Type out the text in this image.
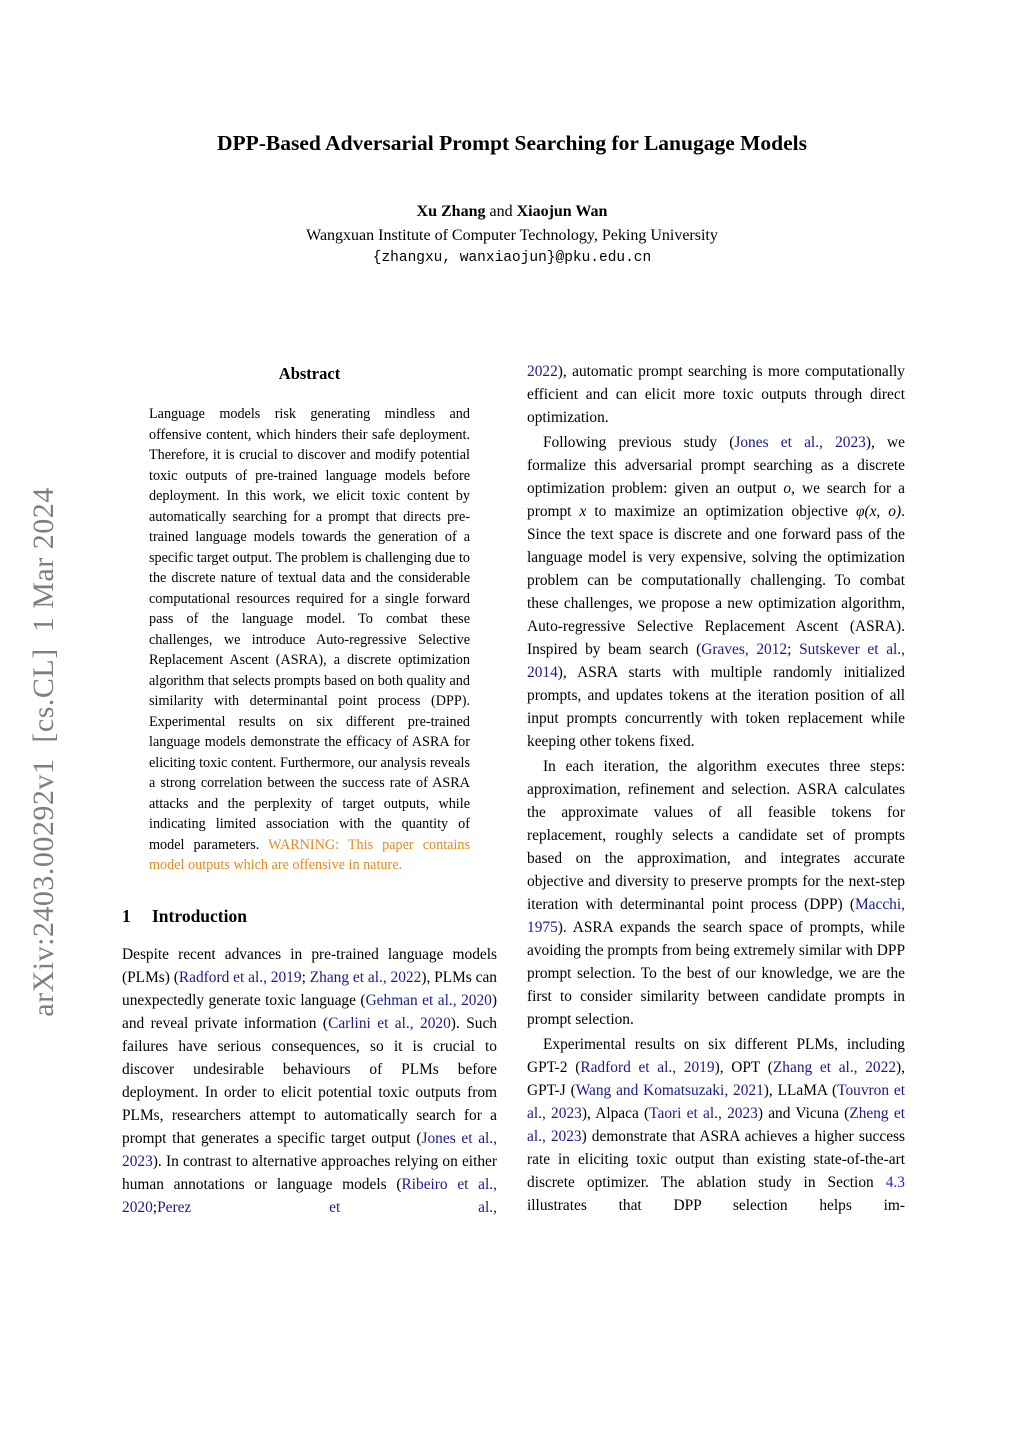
arXiv:2403.00292v1  [cs.CL]  1 Mar 2024
DPP-Based Adversarial Prompt Searching for Lanugage Models
Xu Zhang and Xiaojun Wan
Wangxuan Institute of Computer Technology, Peking University
{zhangxu, wanxiaojun}@pku.edu.cn
Abstract

Language models risk generating mindless and offensive content, which hinders their safe deployment. Therefore, it is crucial to discover and modify potential toxic outputs of pre-trained language models before deployment. In this work, we elicit toxic content by automatically searching for a prompt that directs pre-trained language models towards the generation of a specific target output. The problem is challenging due to the discrete nature of textual data and the considerable computational resources required for a single forward pass of the language model. To combat these challenges, we introduce Auto-regressive Selective Replacement Ascent (ASRA), a discrete optimization algorithm that selects prompts based on both quality and similarity with determinantal point process (DPP). Experimental results on six different pre-trained language models demonstrate the efficacy of ASRA for eliciting toxic content. Furthermore, our analysis reveals a strong correlation between the success rate of ASRA attacks and the perplexity of target outputs, while indicating limited association with the quantity of model parameters. WARNING: This paper contains model outputs which are offensive in nature.

1 Introduction

Despite recent advances in pre-trained language models (PLMs) (Radford et al., 2019; Zhang et al., 2022), PLMs can unexpectedly generate toxic language (Gehman et al., 2020) and reveal private information (Carlini et al., 2020). Such failures have serious consequences, so it is crucial to discover undesirable behaviours of PLMs before deployment. In order to elicit potential toxic outputs from PLMs, researchers attempt to automatically search for a prompt that generates a specific target output (Jones et al., 2023). In contrast to alternative approaches relying on either human annotations or language models (Ribeiro et al., 2020;Perez et al.,

2022), automatic prompt searching is more computationally efficient and can elicit more toxic outputs through direct optimization.

Following previous study (Jones et al., 2023), we formalize this adversarial prompt searching as a discrete optimization problem: given an output o, we search for a prompt x to maximize an optimization objective φ(x, o). Since the text space is discrete and one forward pass of the language model is very expensive, solving the optimization problem can be computationally challenging. To combat these challenges, we propose a new optimization algorithm, Auto-regressive Selective Replacement Ascent (ASRA). Inspired by beam search (Graves, 2012; Sutskever et al., 2014), ASRA starts with multiple randomly initialized prompts, and updates tokens at the iteration position of all input prompts concurrently with token replacement while keeping other tokens fixed.

In each iteration, the algorithm executes three steps: approximation, refinement and selection. ASRA calculates the approximate values of all feasible tokens for replacement, roughly selects a candidate set of prompts based on the approximation, and integrates accurate objective and diversity to preserve prompts for the next-step iteration with determinantal point process (DPP) (Macchi, 1975). ASRA expands the search space of prompts, while avoiding the prompts from being extremely similar with DPP prompt selection. To the best of our knowledge, we are the first to consider similarity between candidate prompts in prompt selection.

Experimental results on six different PLMs, including GPT-2 (Radford et al., 2019), OPT (Zhang et al., 2022), GPT-J (Wang and Komatsuzaki, 2021), LLaMA (Touvron et al., 2023), Alpaca (Taori et al., 2023) and Vicuna (Zheng et al., 2023) demonstrate that ASRA achieves a higher success rate in eliciting toxic output than existing state-of-the-art discrete optimizer. The ablation study in Section 4.3 illustrates that DPP selection helps im-
